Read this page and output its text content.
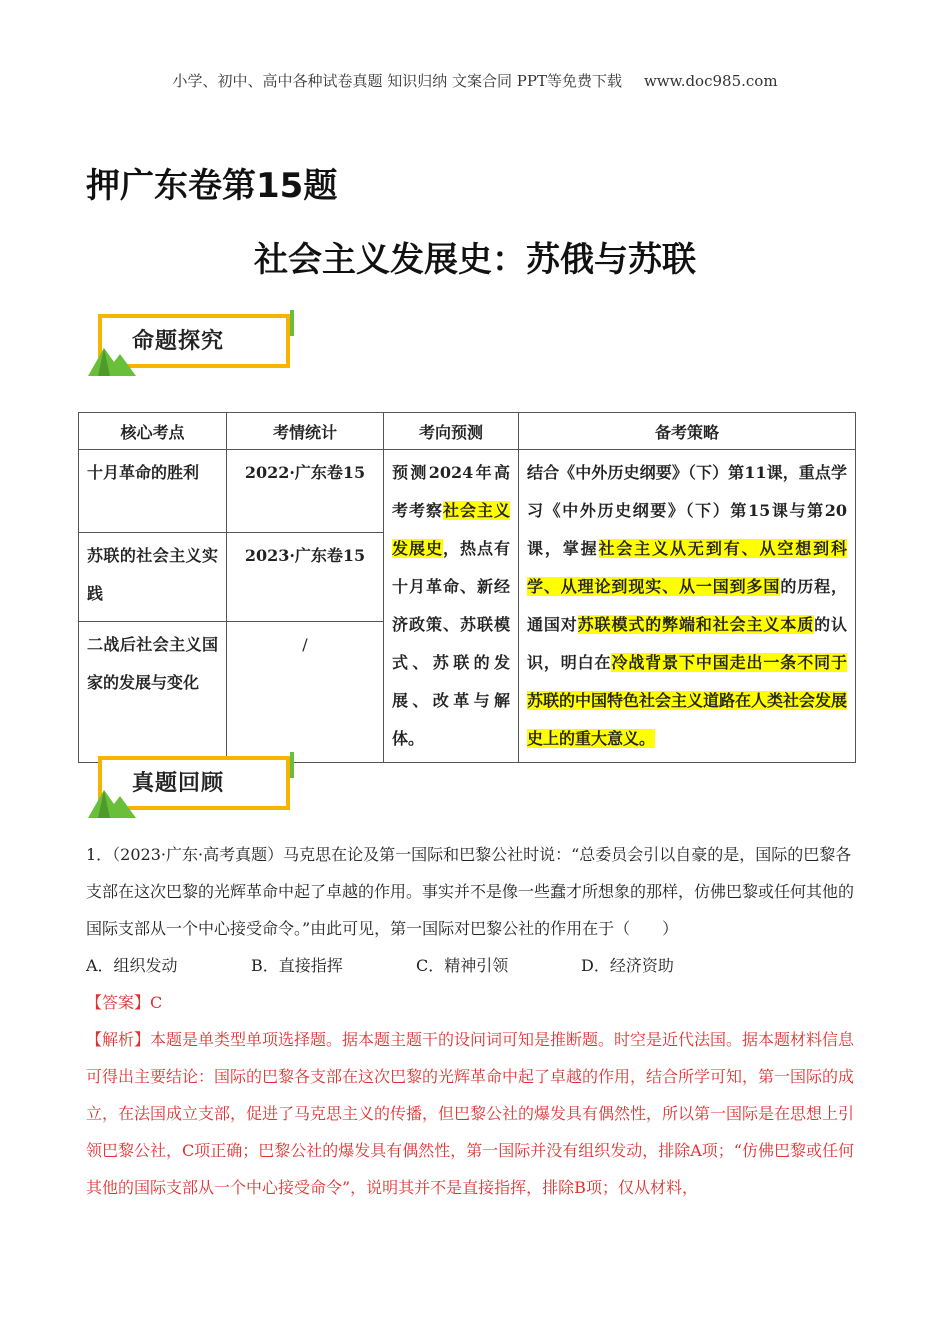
小学、初中、高中各种试卷真题 知识归纳 文案合同 PPT等免费下载 www.doc985.com
押广东卷第15题
社会主义发展史：苏俄与苏联
命题探究
核心考点	考情统计	考向预测	备考策略
十月革命的胜利	2022·广东卷15	预测2024年高考考察社会主义发展史，热点有十月革命、新经济政策、苏联模式、苏联的发展、改革与解体。	结合《中外历史纲要》（下）第11课，重点学习《中外历史纲要》（下）第15课与第20课，掌握社会主义从无到有、从空想到科学、从理论到现实、从一国到多国的历程，通国对苏联模式的弊端和社会主义本质的认识，明白在冷战背景下中国走出一条不同于苏联的中国特色社会主义道路在人类社会发展史上的重大意义。
苏联的社会主义实践	2023·广东卷15		
二战后社会主义国家的发展与变化	/		
真题回顾
1．（2023·广东·高考真题）马克思在论及第一国际和巴黎公社时说：“总委员会引以自豪的是，国际的巴黎各支部在这次巴黎的光辉革命中起了卓越的作用。事实并不是像一些蠢才所想象的那样，仿佛巴黎或任何其他的国际支部从一个中心接受命令。”由此可见，第一国际对巴黎公社的作用在于（　　）
A．组织发动	B．直接指挥	C．精神引领	D．经济资助
【答案】C
【解析】本题是单类型单项选择题。据本题主题干的设问词可知是推断题。时空是近代法国。据本题材料信息可得出主要结论：国际的巴黎各支部在这次巴黎的光辉革命中起了卓越的作用，结合所学可知，第一国际的成立，在法国成立支部，促进了马克思主义的传播，但巴黎公社的爆发具有偶然性，所以第一国际是在思想上引领巴黎公社，C项正确；巴黎公社的爆发具有偶然性，第一国际并没有组织发动，排除A项；“仿佛巴黎或任何其他的国际支部从一个中心接受命令”，说明其并不是直接指挥，排除B项；仅从材料，
